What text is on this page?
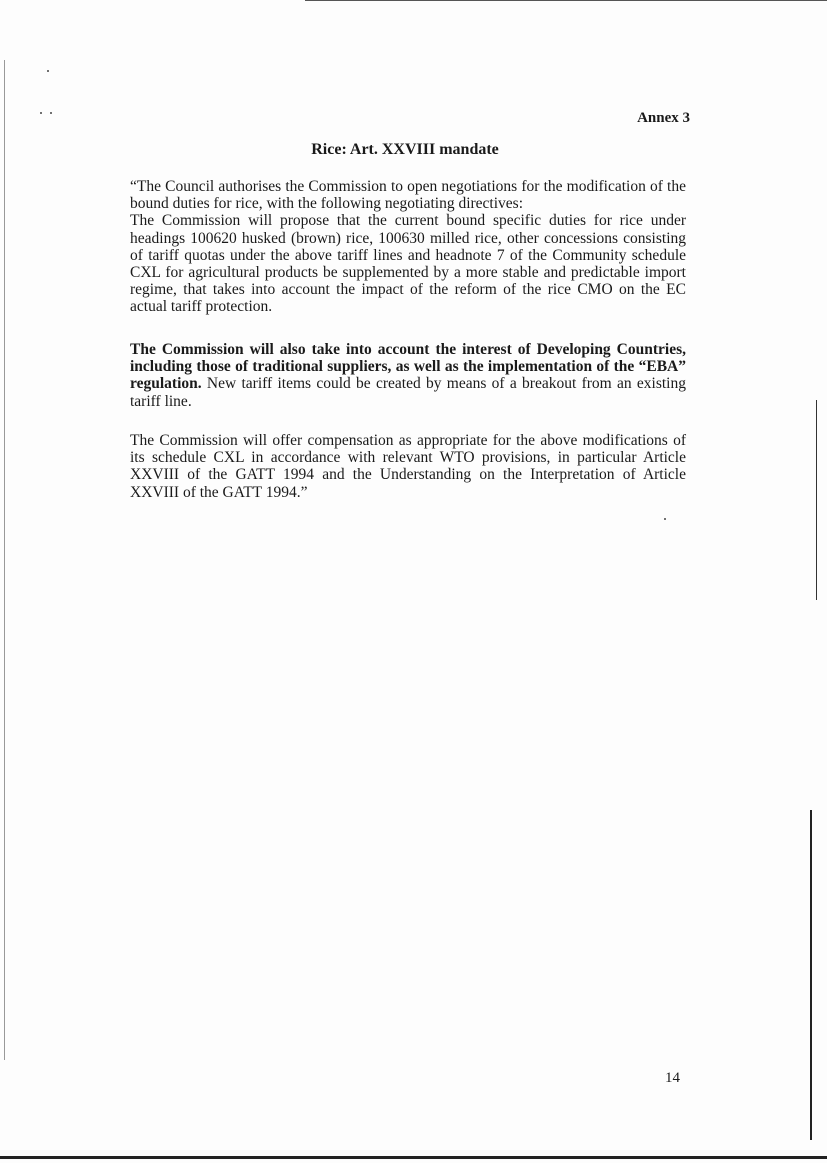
Annex 3
Rice: Art. XXVIII mandate
“The Council authorises the Commission to open negotiations for the modification of the bound duties for rice, with the following negotiating directives:
The Commission will propose that the current bound specific duties for rice under headings 100620 husked (brown) rice, 100630 milled rice, other concessions consisting of tariff quotas under the above tariff lines and headnote 7 of the Community schedule CXL for agricultural products be supplemented by a more stable and predictable import regime, that takes into account the impact of the reform of the rice CMO on the EC actual tariff protection.
The Commission will also take into account the interest of Developing Countries, including those of traditional suppliers, as well as the implementation of the “EBA” regulation. New tariff items could be created by means of a breakout from an existing tariff line.
The Commission will offer compensation as appropriate for the above modifications of its schedule CXL in accordance with relevant WTO provisions, in particular Article XXVIII of the GATT 1994 and the Understanding on the Interpretation of Article XXVIII of the GATT 1994.”
14
